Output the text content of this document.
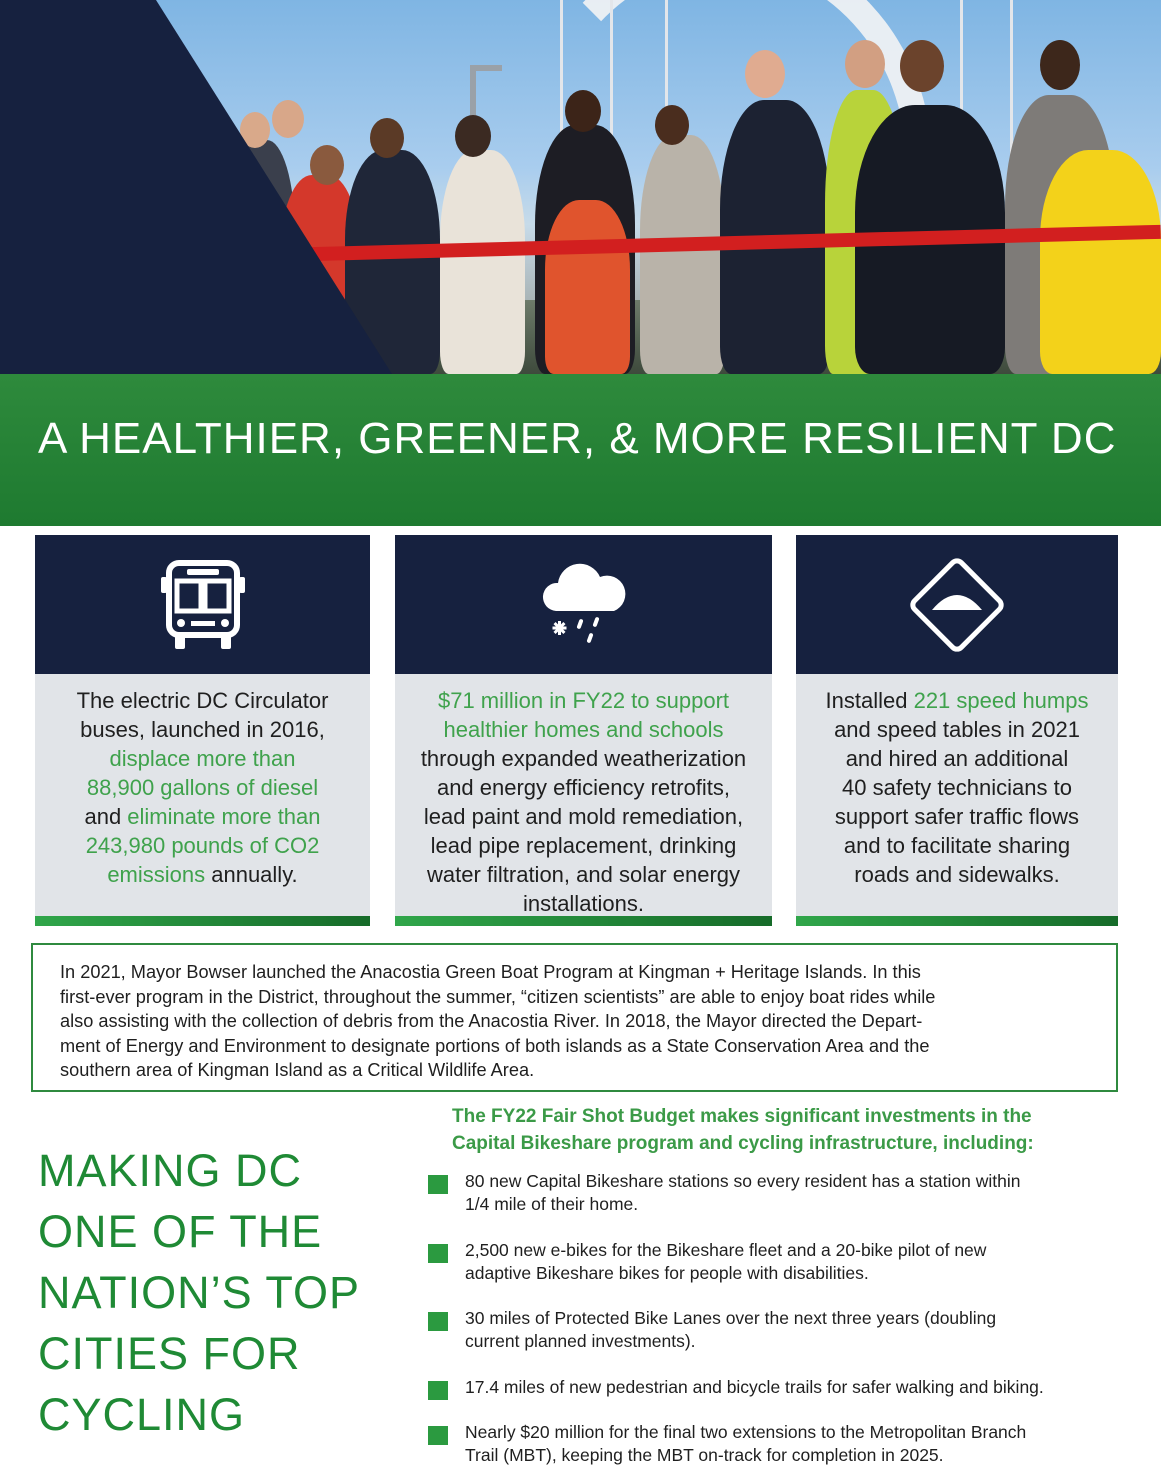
A HEALTHIER, GREENER, & MORE RESILIENT DC
The electric DC Circulator
buses, launched in 2016,
displace more than
88,900 gallons of diesel
and eliminate more than
243,980 pounds of CO2
emissions annually.
$71 million in FY22 to support
healthier homes and schools
through expanded weatherization
and energy efficiency retrofits,
lead paint and mold remediation,
lead pipe replacement, drinking
water filtration, and solar energy
installations.
Installed 221 speed humps
and speed tables in 2021
and hired an additional
40 safety technicians to
support safer traffic flows
and to facilitate sharing
roads and sidewalks.
In 2021, Mayor Bowser launched the Anacostia Green Boat Program at Kingman + Heritage Islands. In this
first-ever program in the District, throughout the summer, “citizen scientists” are able to enjoy boat rides while
also assisting with the collection of debris from the Anacostia River. In 2018, the Mayor directed the Depart-
ment of Energy and Environment to designate portions of both islands as a State Conservation Area and the
southern area of Kingman Island as a Critical Wildlife Area.
MAKING DC
ONE OF THE
NATION’S TOP
CITIES FOR
CYCLING

The FY22 Fair Shot Budget makes significant investments in the
Capital Bikeshare program and cycling infrastructure, including:

80 new Capital Bikeshare stations so every resident has a station within
1/4 mile of their home.
2,500 new e-bikes for the Bikeshare fleet and a 20-bike pilot of new
adaptive Bikeshare bikes for people with disabilities.
30 miles of Protected Bike Lanes over the next three years (doubling
current planned investments).
17.4 miles of new pedestrian and bicycle trails for safer walking and biking.
Nearly $20 million for the final two extensions to the Metropolitan Branch
Trail (MBT), keeping the MBT on-track for completion in 2025.
